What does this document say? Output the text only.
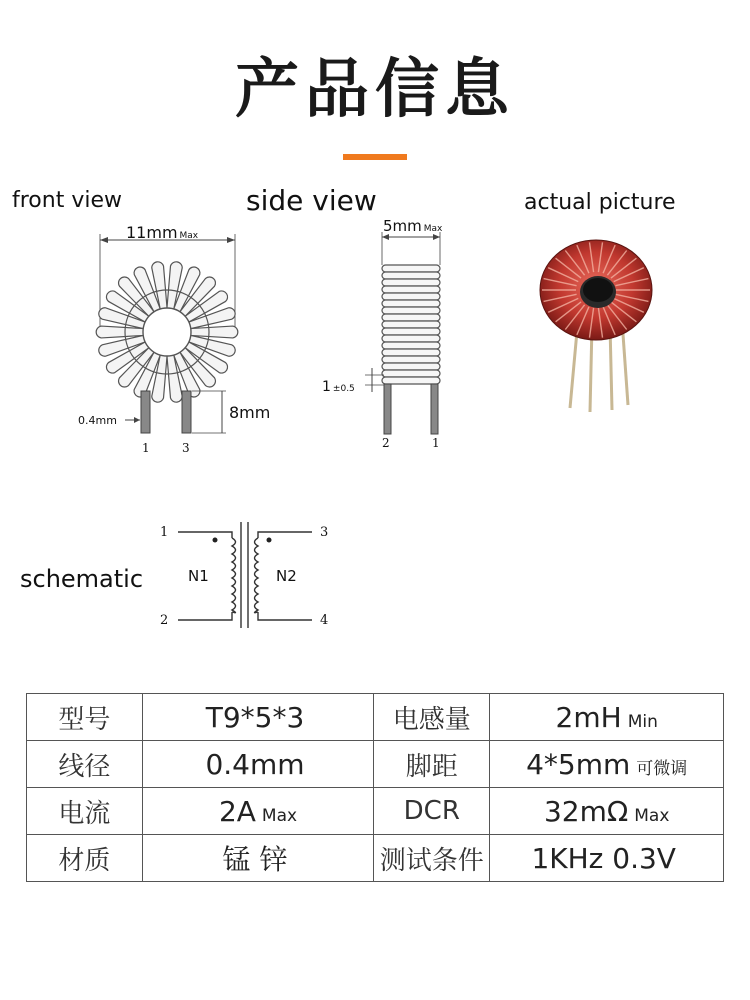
产品信息
front view	side view	actual picture
schematic
11mm Max
0.4mm	8mm
1	3
5mm Max
1 ±0.5
2	1
1
2
3
4
N1	N2
型号	T9*5*3	电感量	2mH Min
线径	0.4mm	脚距	4*5mm 可微调
电流	2A Max	DCR	32mΩ Max
材质	锰 锌	测试条件	1KHz 0.3V
